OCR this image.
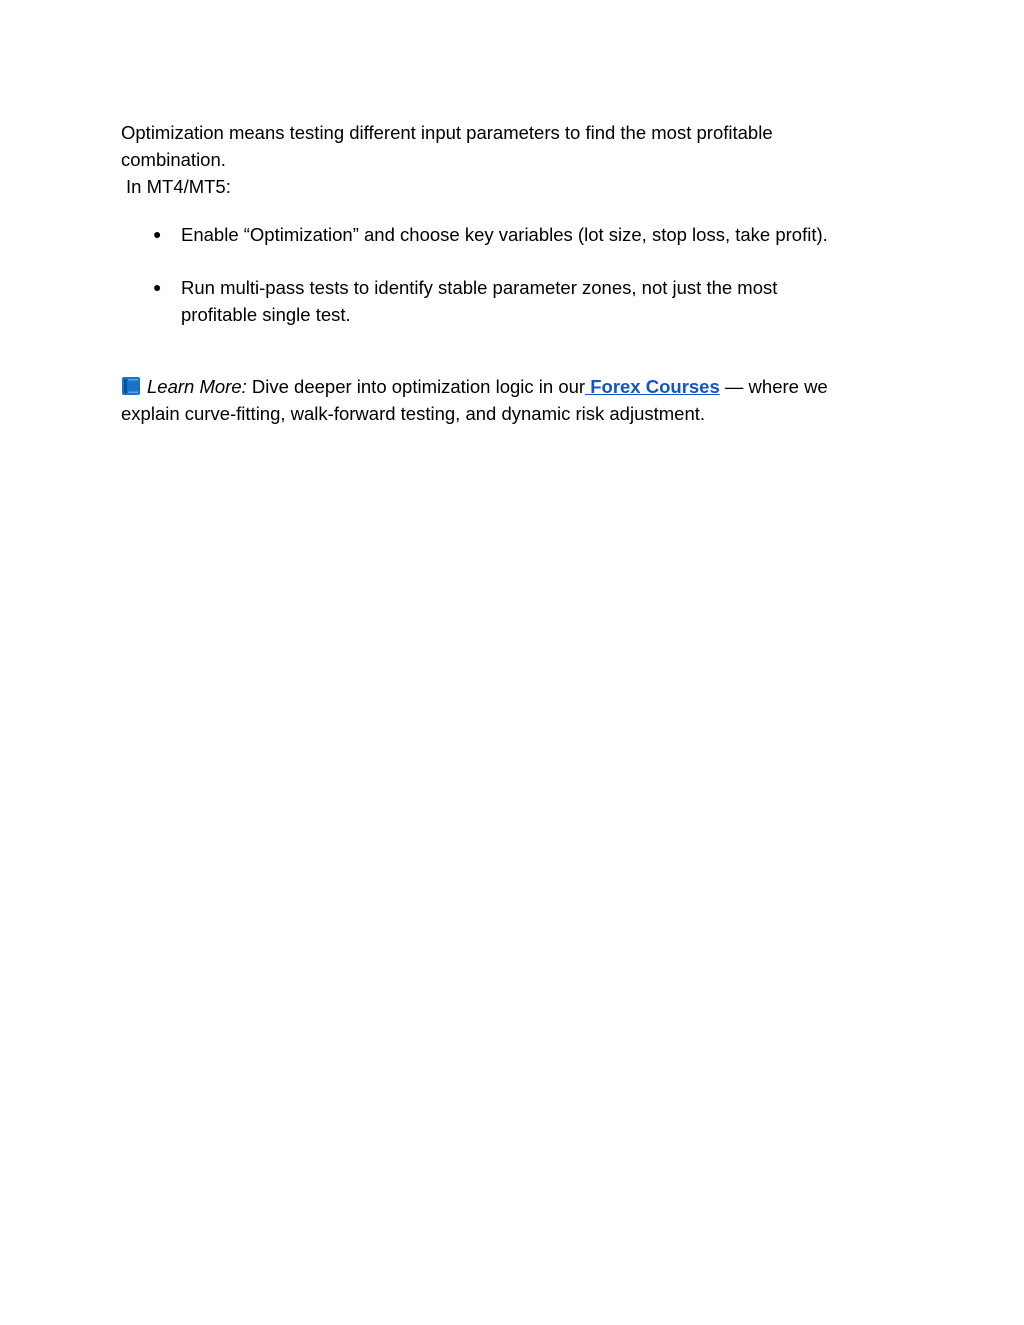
Optimization means testing different input parameters to find the most profitable
combination.
In MT4/MT5:

● Enable “Optimization” and choose key variables (lot size, stop loss, take profit).
● Run multi-pass tests to identify stable parameter zones, not just the most
profitable single test.

Learn More: Dive deeper into optimization logic in our Forex Courses — where we
explain curve-fitting, walk-forward testing, and dynamic risk adjustment.
